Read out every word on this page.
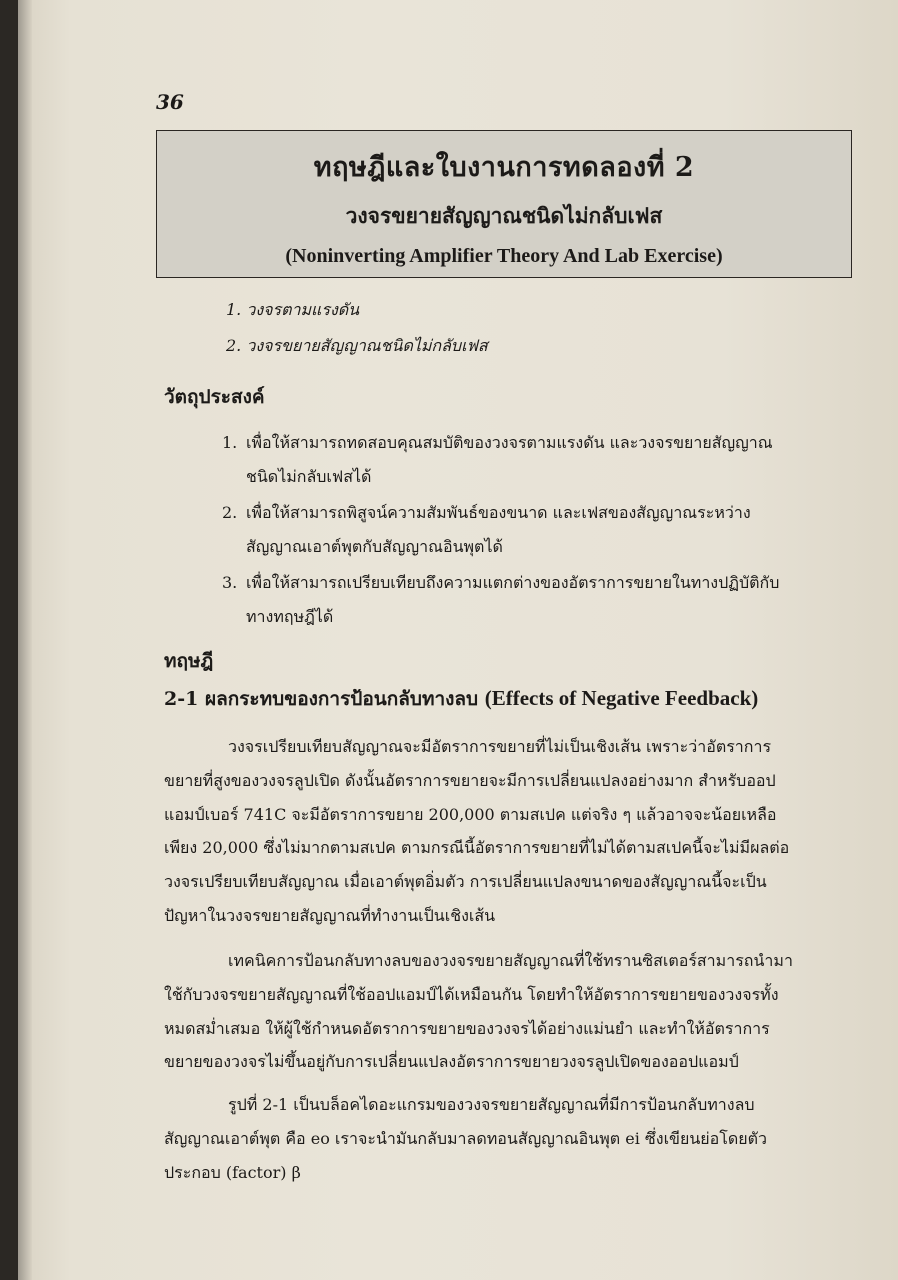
36
ทฤษฎีและใบงานการทดลองที่ 2
วงจรขยายสัญญาณชนิดไม่กลับเฟส
(Noninverting Amplifier Theory And Lab Exercise)
1. วงจรตามแรงดัน
2. วงจรขยายสัญญาณชนิดไม่กลับเฟส
วัตถุประสงค์
1. เพื่อให้สามารถทดสอบคุณสมบัติของวงจรตามแรงดัน และวงจรขยายสัญญาณ
ชนิดไม่กลับเฟสได้
2. เพื่อให้สามารถพิสูจน์ความสัมพันธ์ของขนาด และเฟสของสัญญาณระหว่าง
สัญญาณเอาต์พุตกับสัญญาณอินพุตได้
3. เพื่อให้สามารถเปรียบเทียบถึงความแตกต่างของอัตราการขยายในทางปฏิบัติกับ
ทางทฤษฎีได้
ทฤษฎี
2-1 ผลกระทบของการป้อนกลับทางลบ (Effects of Negative Feedback)
วงจรเปรียบเทียบสัญญาณจะมีอัตราการขยายที่ไม่เป็นเชิงเส้น เพราะว่าอัตราการ
ขยายที่สูงของวงจรลูปเปิด ดังนั้นอัตราการขยายจะมีการเปลี่ยนแปลงอย่างมาก สำหรับออป
แอมป์เบอร์ 741C จะมีอัตราการขยาย 200,000 ตามสเปค แต่จริง ๆ แล้วอาจจะน้อยเหลือ
เพียง 20,000 ซึ่งไม่มากตามสเปค ตามกรณีนี้อัตราการขยายที่ไม่ได้ตามสเปคนี้จะไม่มีผลต่อ
วงจรเปรียบเทียบสัญญาณ เมื่อเอาต์พุตอิ่มตัว การเปลี่ยนแปลงขนาดของสัญญาณนี้จะเป็น
ปัญหาในวงจรขยายสัญญาณที่ทำงานเป็นเชิงเส้น
เทคนิคการป้อนกลับทางลบของวงจรขยายสัญญาณที่ใช้ทรานซิสเตอร์สามารถนำมา
ใช้กับวงจรขยายสัญญาณที่ใช้ออปแอมป์ได้เหมือนกัน โดยทำให้อัตราการขยายของวงจรทั้ง
หมดสม่ำเสมอ ให้ผู้ใช้กำหนดอัตราการขยายของวงจรได้อย่างแม่นยำ และทำให้อัตราการ
ขยายของวงจรไม่ขึ้นอยู่กับการเปลี่ยนแปลงอัตราการขยายวงจรลูปเปิดของออปแอมป์
รูปที่ 2-1 เป็นบล็อคไดอะแกรมของวงจรขยายสัญญาณที่มีการป้อนกลับทางลบ
สัญญาณเอาต์พุต คือ eo เราจะนำมันกลับมาลดทอนสัญญาณอินพุต ei ซึ่งเขียนย่อโดยตัว
ประกอบ (factor) β
